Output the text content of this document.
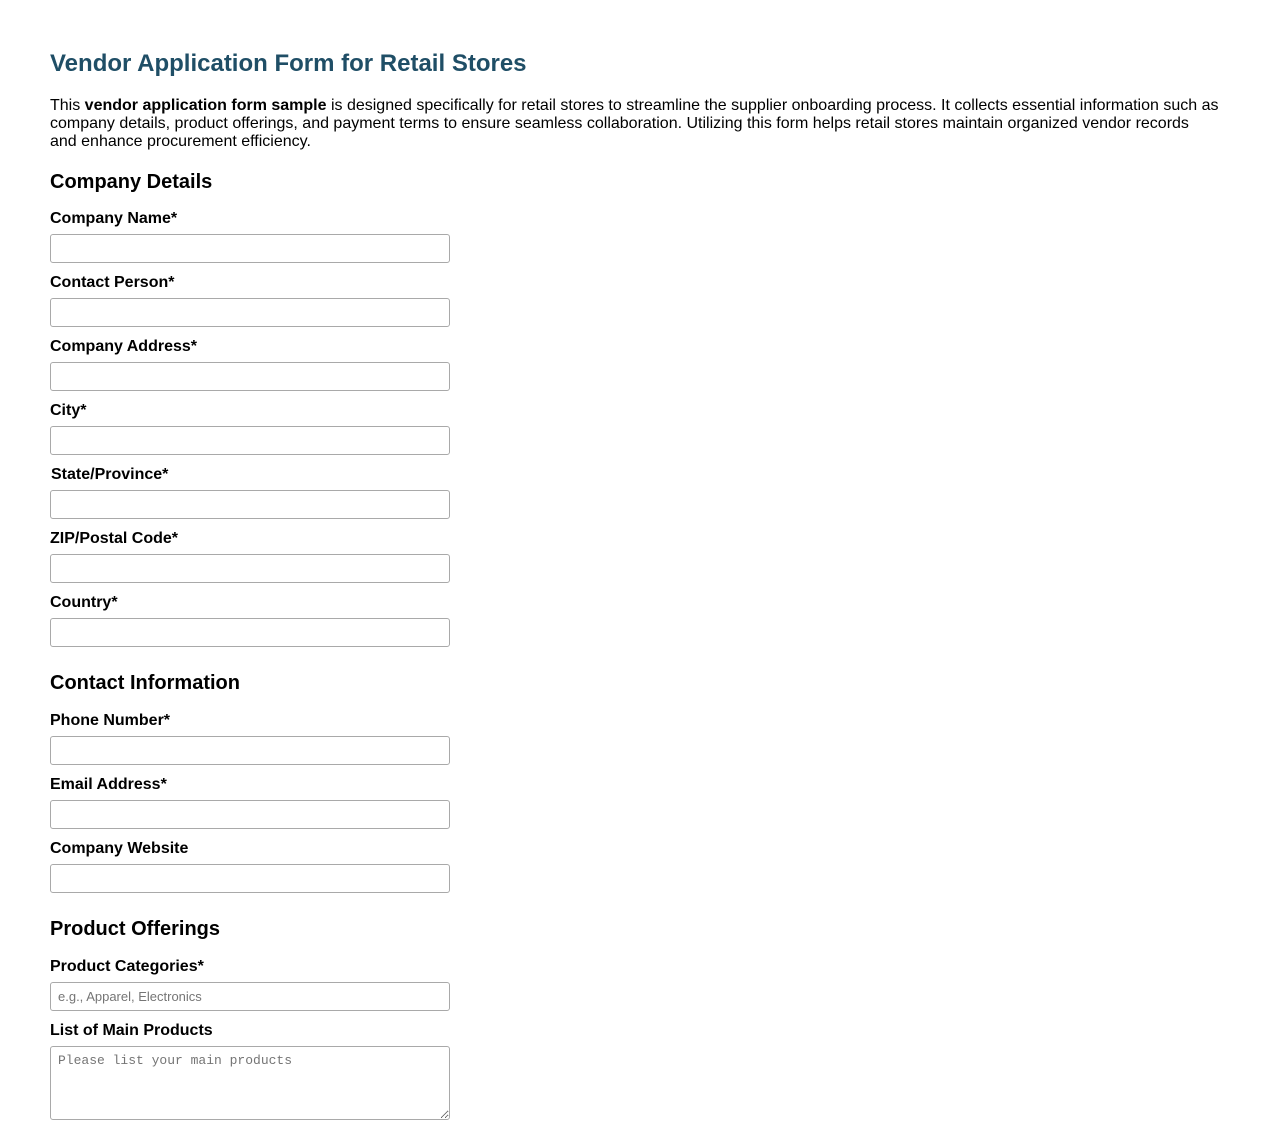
Vendor Application Form for Retail Stores

This vendor application form sample is designed specifically for retail stores to streamline the supplier onboarding process. It collects essential information such as company details, product offerings, and payment terms to ensure seamless collaboration. Utilizing this form helps retail stores maintain organized vendor records and enhance procurement efficiency.

Company Details
Company Name*
Contact Person*
Company Address*
City*
State/Province*
ZIP/Postal Code*
Country*
Contact Information
Phone Number*
Email Address*
Company Website
Product Offerings
Product Categories*
e.g., Apparel, Electronics
List of Main Products
Please list your main products
